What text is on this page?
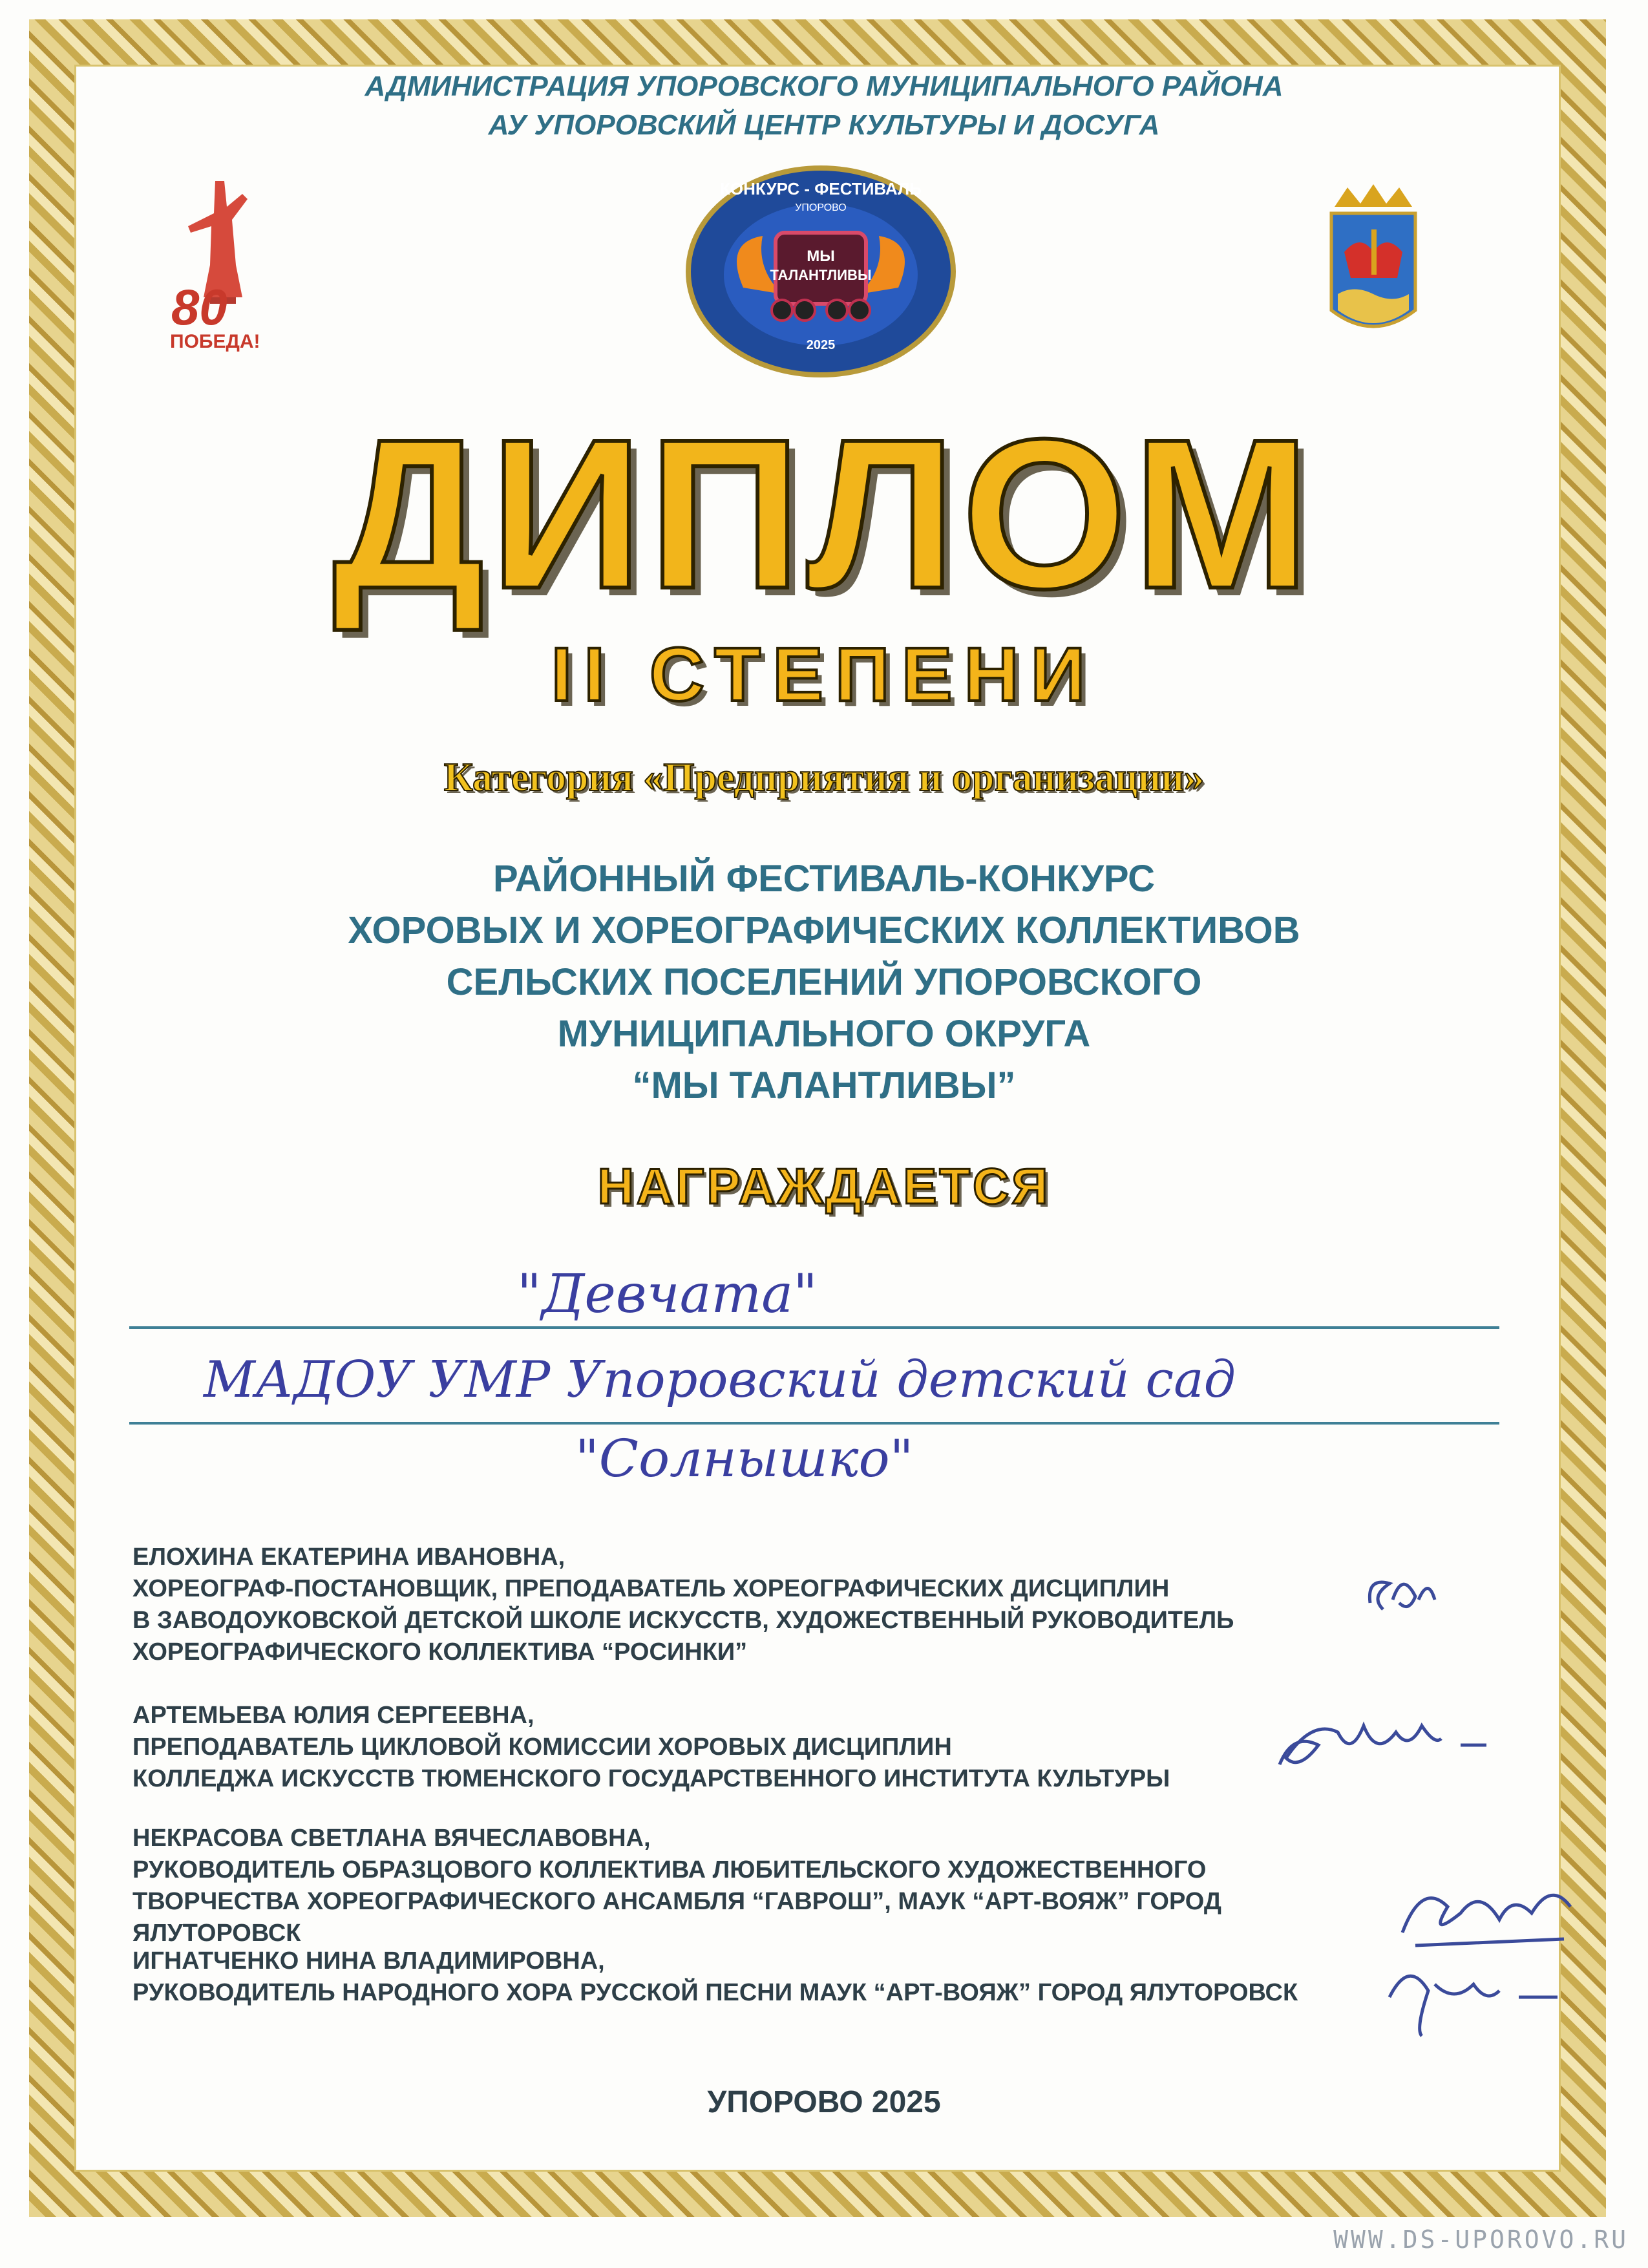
АДМИНИСТРАЦИЯ УПОРОВСКОГО МУНИЦИПАЛЬНОГО РАЙОНА
АУ УПОРОВСКИЙ ЦЕНТР КУЛЬТУРЫ И ДОСУГА
80
ПОБЕДА!
КОНКУРС - ФЕСТИВАЛЬ
УПОРОВО
МЫ
ТАЛАНТЛИВЫ
2025
ДИПЛОМ
II СТЕПЕНИ
Категория «Предприятия и организации»
РАЙОННЫЙ ФЕСТИВАЛЬ-КОНКУРС
ХОРОВЫХ И ХОРЕОГРАФИЧЕСКИХ КОЛЛЕКТИВОВ
СЕЛЬСКИХ ПОСЕЛЕНИЙ УПОРОВСКОГО
МУНИЦИПАЛЬНОГО ОКРУГА
“МЫ ТАЛАНТЛИВЫ”
НАГРАЖДАЕТСЯ
"Девчата"
МАДОУ УМР Упоровский детский сад
"Солнышко"

ЕЛОХИНА ЕКАТЕРИНА ИВАНОВНА,

ХОРЕОГРАФ-ПОСТАНОВЩИК, ПРЕПОДАВАТЕЛЬ ХОРЕОГРАФИЧЕСКИХ ДИСЦИПЛИН

В ЗАВОДОУКОВСКОЙ ДЕТСКОЙ ШКОЛЕ ИСКУССТВ, ХУДОЖЕСТВЕННЫЙ РУКОВОДИТЕЛЬ

ХОРЕОГРАФИЧЕСКОГО КОЛЛЕКТИВА “РОСИНКИ”

АРТЕМЬЕВА ЮЛИЯ СЕРГЕЕВНА,

ПРЕПОДАВАТЕЛЬ ЦИКЛОВОЙ КОМИССИИ ХОРОВЫХ ДИСЦИПЛИН

КОЛЛЕДЖА ИСКУССТВ ТЮМЕНСКОГО ГОСУДАРСТВЕННОГО ИНСТИТУТА КУЛЬТУРЫ

НЕКРАСОВА СВЕТЛАНА ВЯЧЕСЛАВОВНА,

РУКОВОДИТЕЛЬ ОБРАЗЦОВОГО КОЛЛЕКТИВА ЛЮБИТЕЛЬСКОГО ХУДОЖЕСТВЕННОГО

ТВОРЧЕСТВА ХОРЕОГРАФИЧЕСКОГО АНСАМБЛЯ “ГАВРОШ”, МАУК “АРТ-ВОЯЖ” ГОРОД ЯЛУТОРОВСК

ИГНАТЧЕНКО НИНА ВЛАДИМИРОВНА,

РУКОВОДИТЕЛЬ НАРОДНОГО ХОРА РУССКОЙ ПЕСНИ МАУК “АРТ-ВОЯЖ” ГОРОД ЯЛУТОРОВСК

УПОРОВО 2025
WWW.DS-UPOROVO.RU
